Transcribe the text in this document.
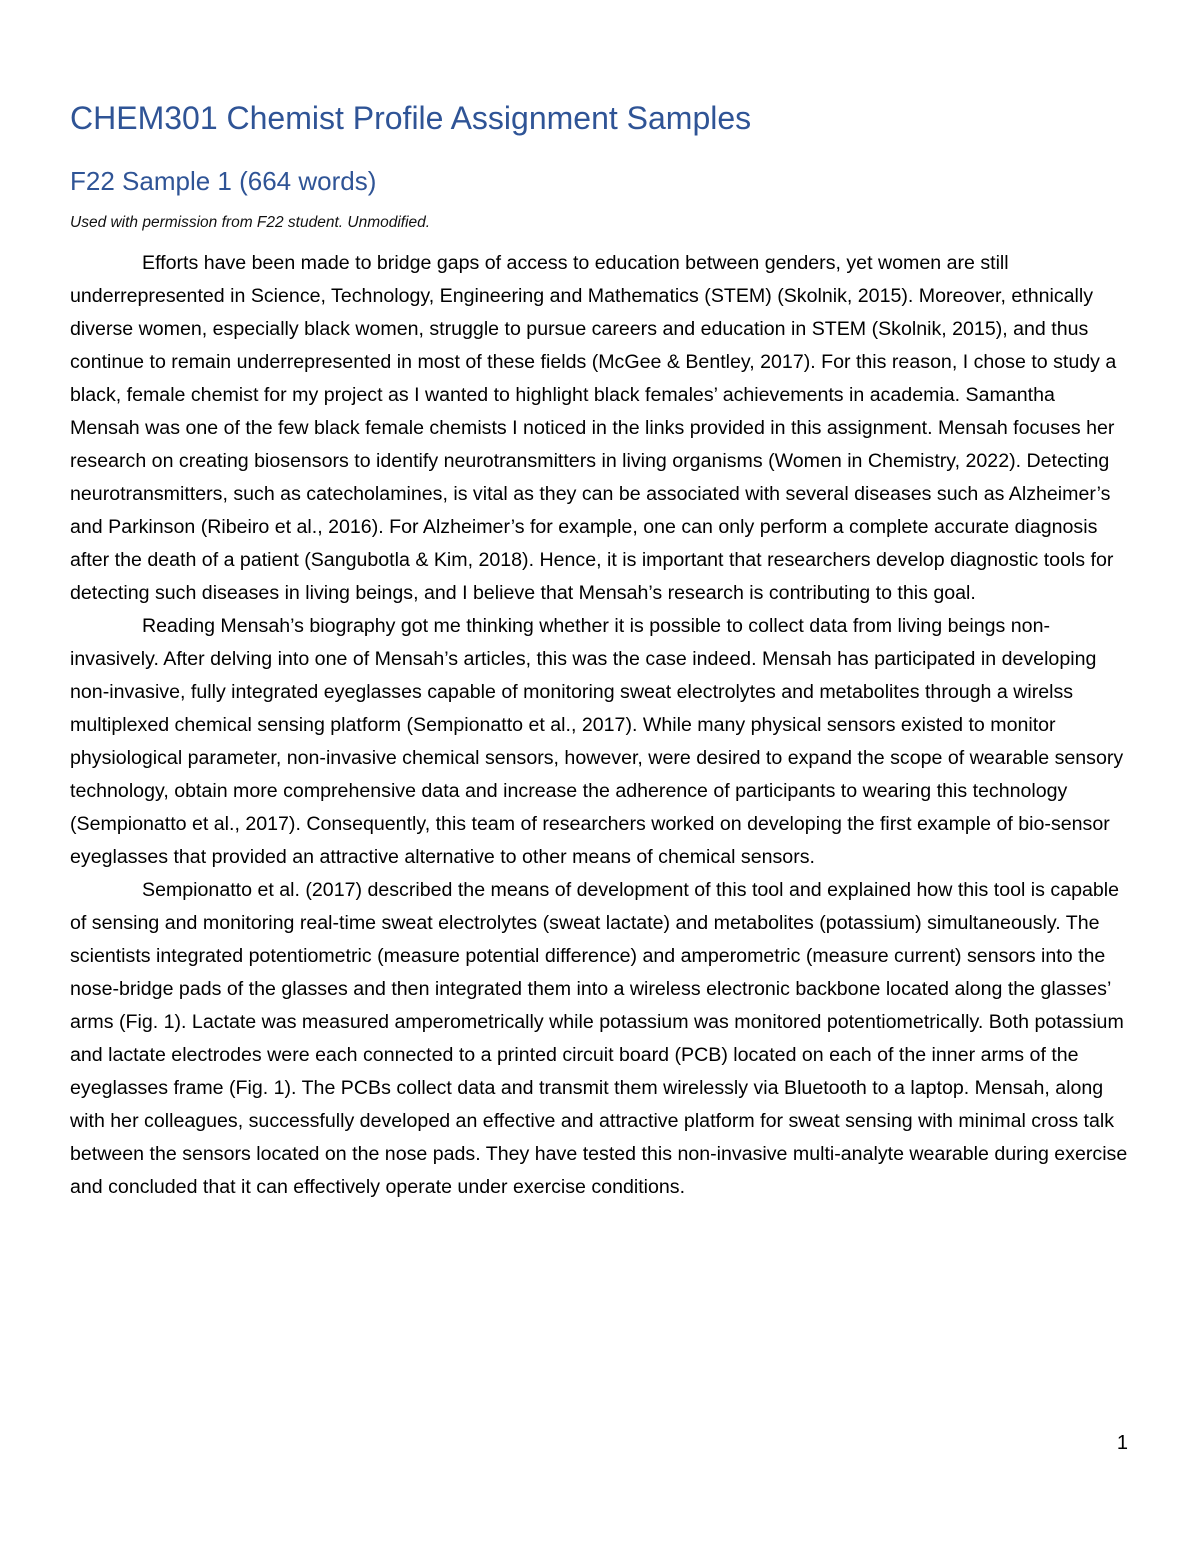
CHEM301 Chemist Profile Assignment Samples
F22 Sample 1 (664 words)

Used with permission from F22 student. Unmodified.

Efforts have been made to bridge gaps of access to education between genders, yet women are still underrepresented in Science, Technology, Engineering and Mathematics (STEM) (Skolnik, 2015). Moreover, ethnically diverse women, especially black women, struggle to pursue careers and education in STEM (Skolnik, 2015), and thus continue to remain underrepresented in most of these fields (McGee & Bentley, 2017). For this reason, I chose to study a black, female chemist for my project as I wanted to highlight black females’ achievements in academia. Samantha Mensah was one of the few black female chemists I noticed in the links provided in this assignment. Mensah focuses her research on creating biosensors to identify neurotransmitters in living organisms (Women in Chemistry, 2022). Detecting neurotransmitters, such as catecholamines, is vital as they can be associated with several diseases such as Alzheimer’s and Parkinson (Ribeiro et al., 2016). For Alzheimer’s for example, one can only perform a complete accurate diagnosis after the death of a patient (Sangubotla & Kim, 2018). Hence, it is important that researchers develop diagnostic tools for detecting such diseases in living beings, and I believe that Mensah’s research is contributing to this goal.

Reading Mensah’s biography got me thinking whether it is possible to collect data from living beings non-invasively. After delving into one of Mensah’s articles, this was the case indeed. Mensah has participated in developing non-invasive, fully integrated eyeglasses capable of monitoring sweat electrolytes and metabolites through a wirelss multiplexed chemical sensing platform (Sempionatto et al., 2017). While many physical sensors existed to monitor physiological parameter, non-invasive chemical sensors, however, were desired to expand the scope of wearable sensory technology, obtain more comprehensive data and increase the adherence of participants to wearing this technology (Sempionatto et al., 2017). Consequently, this team of researchers worked on developing the first example of bio-sensor eyeglasses that provided an attractive alternative to other means of chemical sensors.

Sempionatto et al. (2017) described the means of development of this tool and explained how this tool is capable of sensing and monitoring real-time sweat electrolytes (sweat lactate) and metabolites (potassium) simultaneously. The scientists integrated potentiometric (measure potential difference) and amperometric (measure current) sensors into the nose-bridge pads of the glasses and then integrated them into a wireless electronic backbone located along the glasses’ arms (Fig. 1). Lactate was measured amperometrically while potassium was monitored potentiometrically. Both potassium and lactate electrodes were each connected to a printed circuit board (PCB) located on each of the inner arms of the eyeglasses frame (Fig. 1). The PCBs collect data and transmit them wirelessly via Bluetooth to a laptop. Mensah, along with her colleagues, successfully developed an effective and attractive platform for sweat sensing with minimal cross talk between the sensors located on the nose pads. They have tested this non-invasive multi-analyte wearable during exercise and concluded that it can effectively operate under exercise conditions.

1
